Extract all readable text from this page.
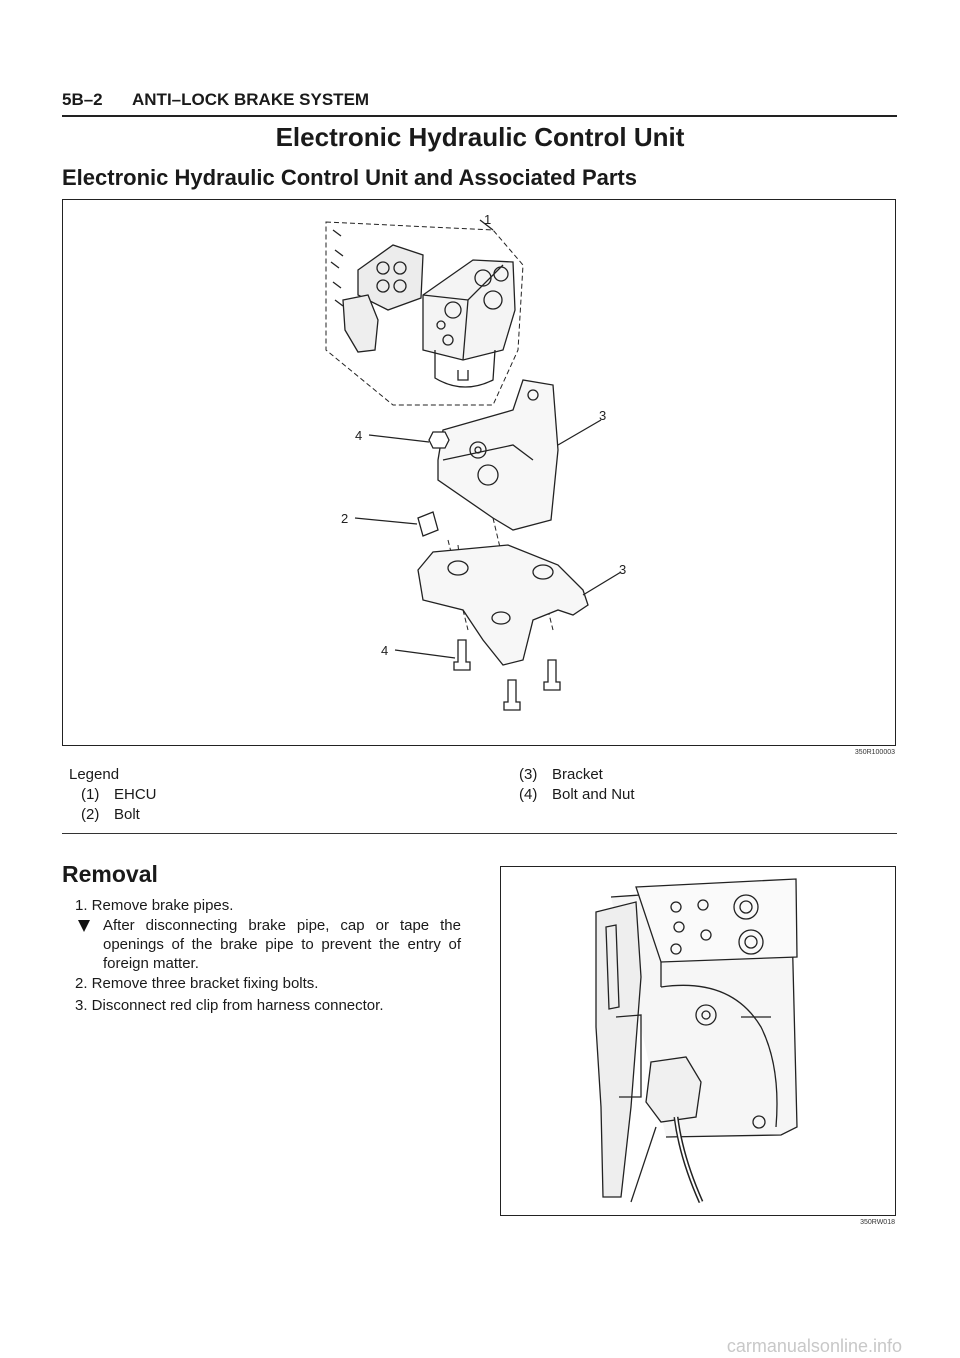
5B–2 ANTI–LOCK BRAKE SYSTEM
Electronic Hydraulic Control Unit
Electronic Hydraulic Control Unit and Associated Parts
1
2
3
3
4
4
350R100003
Legend
(1) EHCU
(2) Bolt
(3) Bracket
(4) Bolt and Nut
Removal
1. Remove brake pipes.
After disconnecting brake pipe, cap or tape the openings of the brake pipe to prevent the entry of foreign matter.
2. Remove three bracket fixing bolts.
3. Disconnect red clip from harness connector.
350RW018
carmanualsonline.info
